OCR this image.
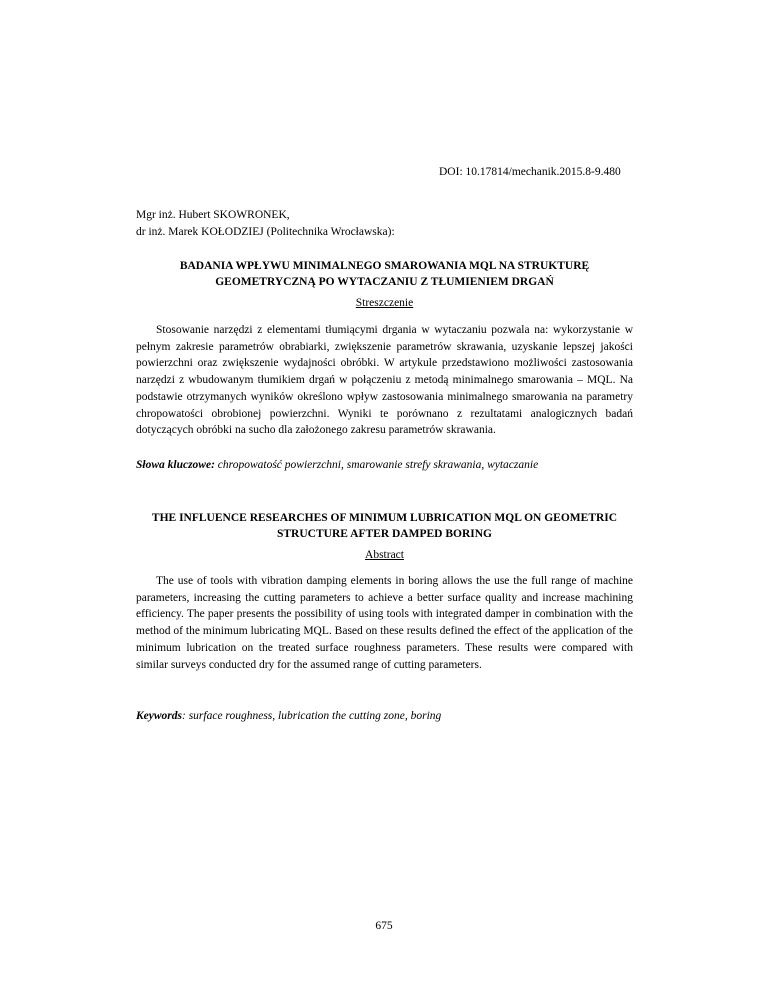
DOI: 10.17814/mechanik.2015.8-9.480
Mgr inż. Hubert SKOWRONEK,
dr inż. Marek KOŁODZIEJ (Politechnika Wrocławska):
BADANIA WPŁYWU MINIMALNEGO SMAROWANIA MQL NA STRUKTURĘ
GEOMETRYCZNĄ PO WYTACZANIU Z TŁUMIENIEM DRGAŃ
Streszczenie

Stosowanie narzędzi z elementami tłumiącymi drgania w wytaczaniu pozwala na: wykorzystanie w pełnym zakresie parametrów obrabiarki, zwiększenie parametrów skrawania, uzyskanie lepszej jakości powierzchni oraz zwiększenie wydajności obróbki. W artykule przedstawiono możliwości zastosowania narzędzi z wbudowanym tłumikiem drgań w połączeniu z metodą minimalnego smarowania – MQL. Na podstawie otrzymanych wyników określono wpływ zastosowania minimalnego smarowania na parametry chropowatości obrobionej powierzchni. Wyniki te porównano z rezultatami analogicznych badań dotyczących obróbki na sucho dla założonego zakresu parametrów skrawania.

Słowa kluczowe: chropowatość powierzchni, smarowanie strefy skrawania, wytaczanie
THE INFLUENCE RESEARCHES OF MINIMUM LUBRICATION MQL ON GEOMETRIC
STRUCTURE AFTER DAMPED BORING
Abstract

The use of tools with vibration damping elements in boring allows the use the full range of machine parameters, increasing the cutting parameters to achieve a better surface quality and increase machining efficiency. The paper presents the possibility of using tools with integrated damper in combination with the method of the minimum lubricating MQL. Based on these results defined the effect of the application of the minimum lubrication on the treated surface roughness parameters. These results were compared with similar surveys conducted dry for the assumed range of cutting parameters.

Keywords: surface roughness, lubrication the cutting zone, boring
675
